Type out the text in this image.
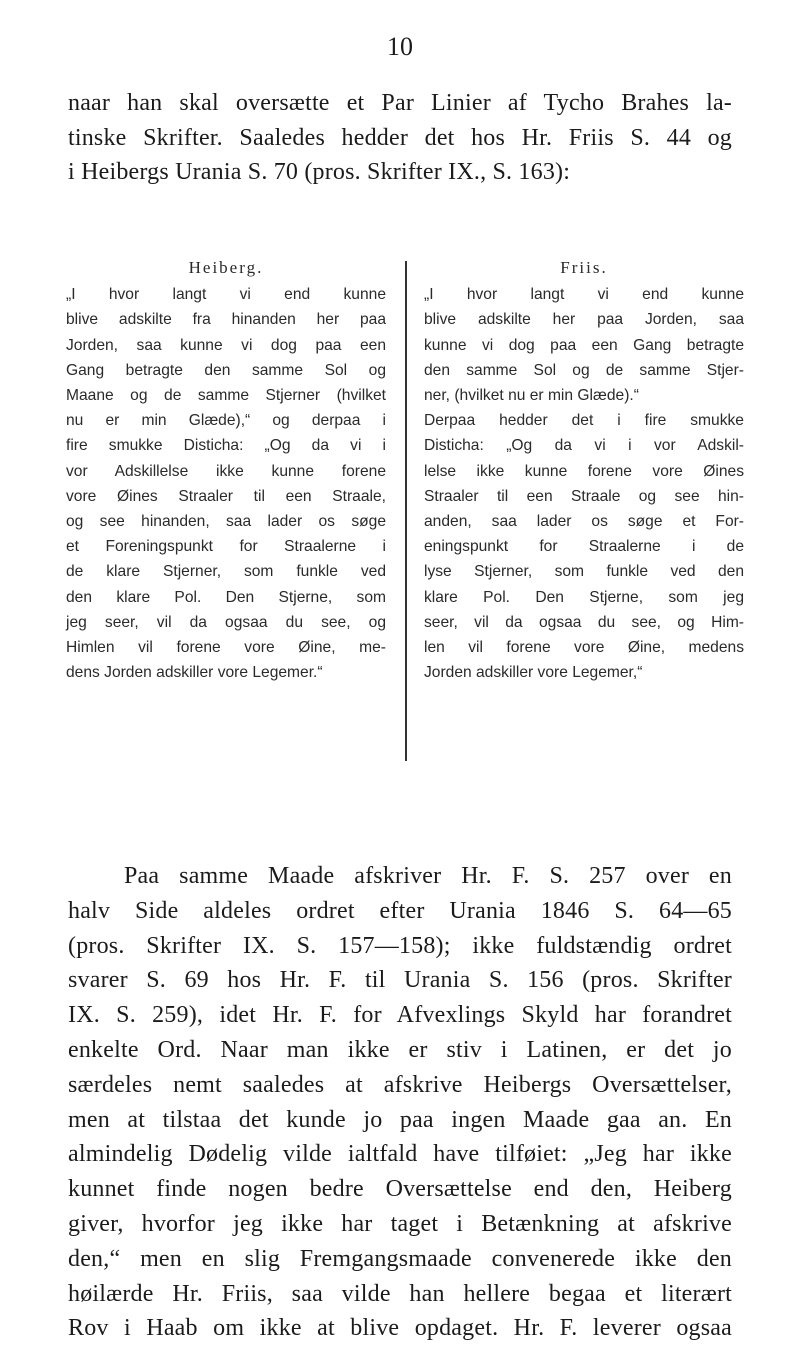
10
naar han skal oversætte et Par Linier af Tycho Brahes la-
tinske Skrifter. Saaledes hedder det hos Hr. Friis S. 44 og
i Heibergs Urania S. 70 (pros. Skrifter IX., S. 163):
Heiberg.
„I hvor langt vi end kunne
blive adskilte fra hinanden her paa
Jorden, saa kunne vi dog paa een
Gang betragte den samme Sol og
Maane og de samme Stjerner (hvilket
nu er min Glæde),“ og derpaa i
fire smukke Disticha: „Og da vi i
vor Adskillelse ikke kunne forene
vore Øines Straaler til een Straale,
og see hinanden, saa lader os søge
et Foreningspunkt for Straalerne i
de klare Stjerner, som funkle ved
den klare Pol. Den Stjerne, som
jeg seer, vil da ogsaa du see, og
Himlen vil forene vore Øine, me-
dens Jorden adskiller vore Legemer.“
Friis.
„I hvor langt vi end kunne
blive adskilte her paa Jorden, saa
kunne vi dog paa een Gang betragte
den samme Sol og de samme Stjer-
ner, (hvilket nu er min Glæde).“
Derpaa hedder det i fire smukke
Disticha: „Og da vi i vor Adskil-
lelse ikke kunne forene vore Øines
Straaler til een Straale og see hin-
anden, saa lader os søge et For-
eningspunkt for Straalerne i de
lyse Stjerner, som funkle ved den
klare Pol. Den Stjerne, som jeg
seer, vil da ogsaa du see, og Him-
len vil forene vore Øine, medens
Jorden adskiller vore Legemer,“
Paa samme Maade afskriver Hr. F. S. 257 over en
halv Side aldeles ordret efter Urania 1846 S. 64—65
(pros. Skrifter IX. S. 157—158); ikke fuldstændig ordret
svarer S. 69 hos Hr. F. til Urania S. 156 (pros. Skrifter
IX. S. 259), idet Hr. F. for Afvexlings Skyld har forandret
enkelte Ord. Naar man ikke er stiv i Latinen, er det jo
særdeles nemt saaledes at afskrive Heibergs Oversættelser,
men at tilstaa det kunde jo paa ingen Maade gaa an. En
almindelig Dødelig vilde ialtfald have tilføiet: „Jeg har ikke
kunnet finde nogen bedre Oversættelse end den, Heiberg
giver, hvorfor jeg ikke har taget i Betænkning at afskrive
den,“ men en slig Fremgangsmaade convenerede ikke den
høilærde Hr. Friis, saa vilde han hellere begaa et literært
Rov i Haab om ikke at blive opdaget. Hr. F. leverer ogsaa
